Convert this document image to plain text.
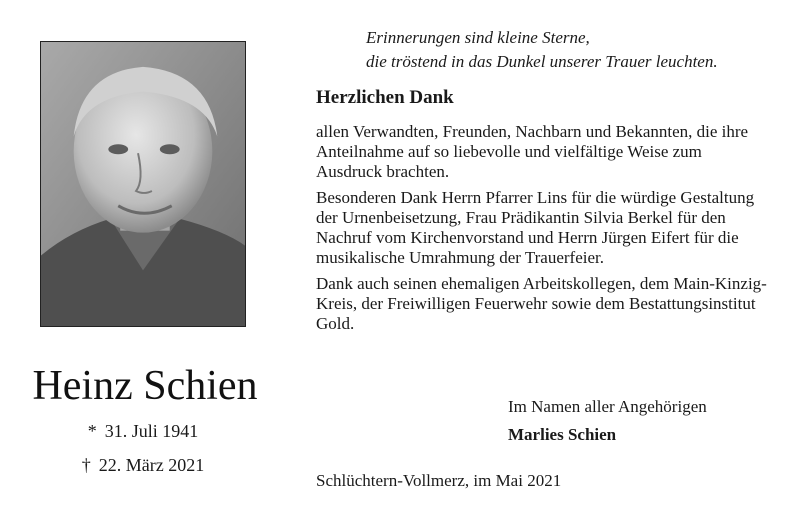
Heinz Schien
* 31. Juli 1941
† 22. März 2021
Erinnerungen sind kleine Sterne,
die tröstend in das Dunkel unserer Trauer leuchten.
Herzlichen Dank

allen Verwandten, Freunden, Nachbarn und Bekannten, die ihre Anteilnahme auf so liebevolle und vielfältige Weise zum Ausdruck brachten.

Besonderen Dank Herrn Pfarrer Lins für die würdige Gestaltung der Urnenbeisetzung, Frau Prädikantin Silvia Berkel für den Nachruf vom Kirchenvorstand und Herrn Jürgen Eifert für die musikalische Umrahmung der Trauerfeier.

Dank auch seinen ehemaligen Arbeitskollegen, dem Main-Kinzig-Kreis, der Freiwilligen Feuerwehr sowie dem Bestattungsinstitut Gold.

Im Namen aller Angehörigen
Marlies Schien
Schlüchtern-Vollmerz, im Mai 2021
